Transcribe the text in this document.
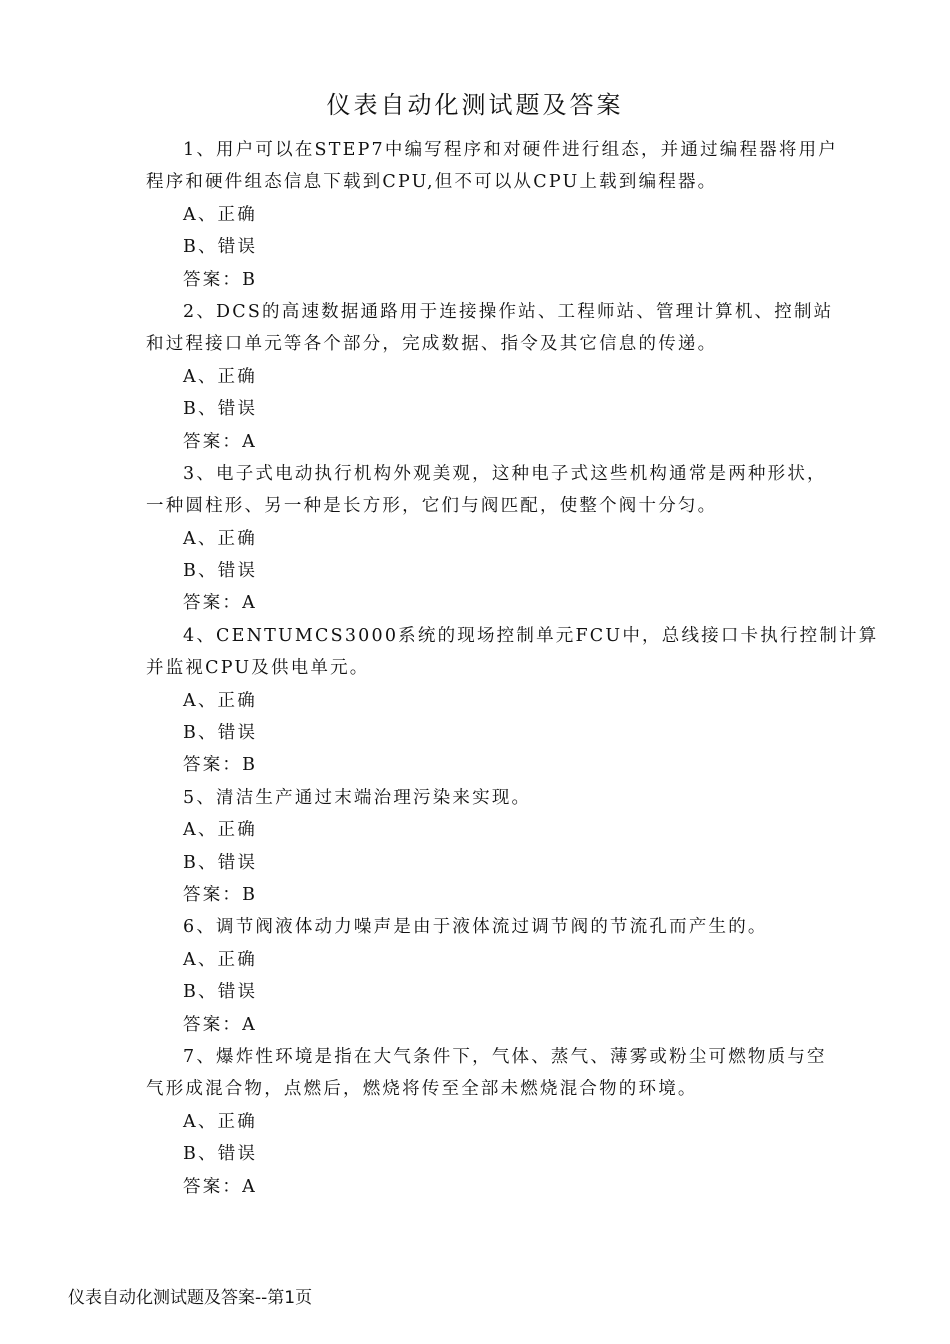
仪表自动化测试题及答案
1、用户可以在STEP7中编写程序和对硬件进行组态，并通过编程器将用户
程序和硬件组态信息下载到CPU,但不可以从CPU上载到编程器。
A、正确
B、错误
答案：B
2、DCS的高速数据通路用于连接操作站、工程师站、管理计算机、控制站
和过程接口单元等各个部分，完成数据、指令及其它信息的传递。
A、正确
B、错误
答案：A
3、电子式电动执行机构外观美观，这种电子式这些机构通常是两种形状，
一种圆柱形、另一种是长方形，它们与阀匹配，使整个阀十分匀。
A、正确
B、错误
答案：A
4、CENTUMCS3000系统的现场控制单元FCU中，总线接口卡执行控制计算
并监视CPU及供电单元。
A、正确
B、错误
答案：B
5、清洁生产通过末端治理污染来实现。
A、正确
B、错误
答案：B
6、调节阀液体动力噪声是由于液体流过调节阀的节流孔而产生的。
A、正确
B、错误
答案：A
7、爆炸性环境是指在大气条件下，气体、蒸气、薄雾或粉尘可燃物质与空
气形成混合物，点燃后，燃烧将传至全部未燃烧混合物的环境。
A、正确
B、错误
答案：A
仪表自动化测试题及答案--第1页
